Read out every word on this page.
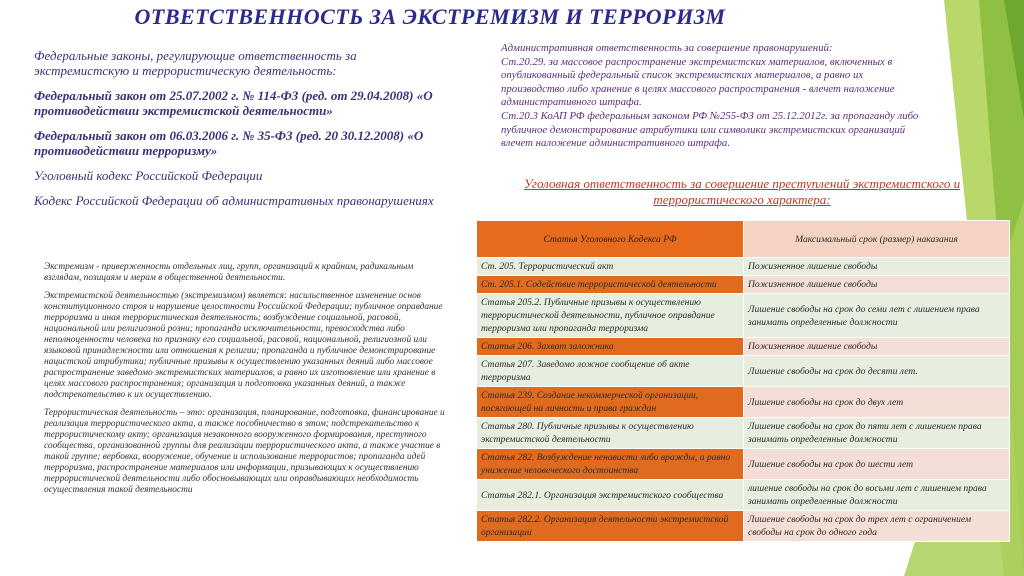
ОТВЕТСТВЕННОСТЬ ЗА ЭКСТРЕМИЗМ И ТЕРРОРИЗМ

Федеральные законы, регулирующие ответственность за экстремистскую и террористическую деятельность:

Федеральный закон от 25.07.2002 г. № 114-ФЗ (ред. от 29.04.2008) «О противодействии экстремистской деятельности»

Федеральный закон от 06.03.2006 г. № 35-ФЗ (ред. 20 30.12.2008) «О противодействии терроризму»

Уголовный кодекс Российской Федерации

Кодекс Российской Федерации об административных правонарушениях

Экстремизм - приверженность отдельных лиц, групп, организаций к крайним, радикальным взглядам, позициям и мерам в общественной деятельности.

Экстремистской деятельностью (экстремизмом) является: насильственное изменение основ конституционного строя и нарушение целостности Российской Федерации; публичное оправдание терроризма и иная террористическая деятельность; возбуждение социальной, расовой, национальной или религиозной розни; пропаганда исключительности, превосходства либо неполноценности человека по признаку его социальной, расовой, национальной, религиозной или языковой принадлежности или отношения к религии; пропаганда и публичное демонстрирование нацистской атрибутики; публичные призывы к осуществлению указанных деяний либо массовое распространение заведомо экстремистских материалов, а равно их изготовление или хранение в целях массового распространения; организация и подготовка указанных деяний, а также подстрекательство к их осуществлению.

Террористическая деятельность – это: организация, планирование, подготовка, финансирование и реализация террористического акта, а также пособничество в этом; подстрекательство к террористическому акту; организация незаконного вооруженного формирования, преступного сообщества, организованной группы для реализации террористического акта, а также участие в такой группе; вербовка, вооружение, обучение и использование террористов; пропаганда идей терроризма, распространение материалов или информации, призывающих к осуществлению террористической деятельности либо обосновывающих или оправдывающих необходимость осуществления такой деятельности

Административная ответственность за совершение правонарушений:

Ст.20.29. за массовое распространение экстремистских материалов, включенных в опубликованный федеральный список экстремистских материалов, а равно их производство либо хранение в целях массового распространения - влечет наложение административного штрафа.

Ст.20.3 КоАП РФ федеральным законом РФ №255-ФЗ от 25.12.2012г. за пропаганду либо публичное демонстрирование атрибутики или символики экстремистских организаций влечет наложение административного штрафа.

Уголовная ответственность за совершение преступлений экстремистского и террористического характера:
Статья Уголовного Кодекса РФ	Максимальный срок (размер) наказания
Ст. 205. Террористический акт	Пожизненное лишение свободы
Ст. 205.1. Содействие террористической деятельности	Пожизненное лишение свободы
Статья 205.2. Публичные призывы к осуществлению террористической деятельности, публичное оправдание терроризма или пропаганда терроризма	Лишение свободы на срок до семи лет с лишением права занимать определенные должности
Статья 206. Захват заложника	Пожизненное лишение свободы
Статья 207. Заведомо ложное сообщение об акте терроризма	Лишение свободы на срок до десяти лет.
Статья 239. Создание некоммерческой организации, посягающей на личность и права граждан	Лишение свободы на срок до двух лет
Статья 280. Публичные призывы к осуществлению экстремистской деятельности	Лишение свободы на срок до пяти лет с лишением права занимать определенные должности
Статья 282. Возбуждение ненависти либо вражды, а равно унижение человеческого достоинства	Лишение свободы на срок до шести лет
Статья 282.1. Организация экстремистского сообщества	лишение свободы на срок до восьми лет с лишением права занимать определенные должности
Статья 282.2. Организация деятельности экстремистской организации	Лишение свободы на срок до трех лет с ограничением свободы на срок до одного года
